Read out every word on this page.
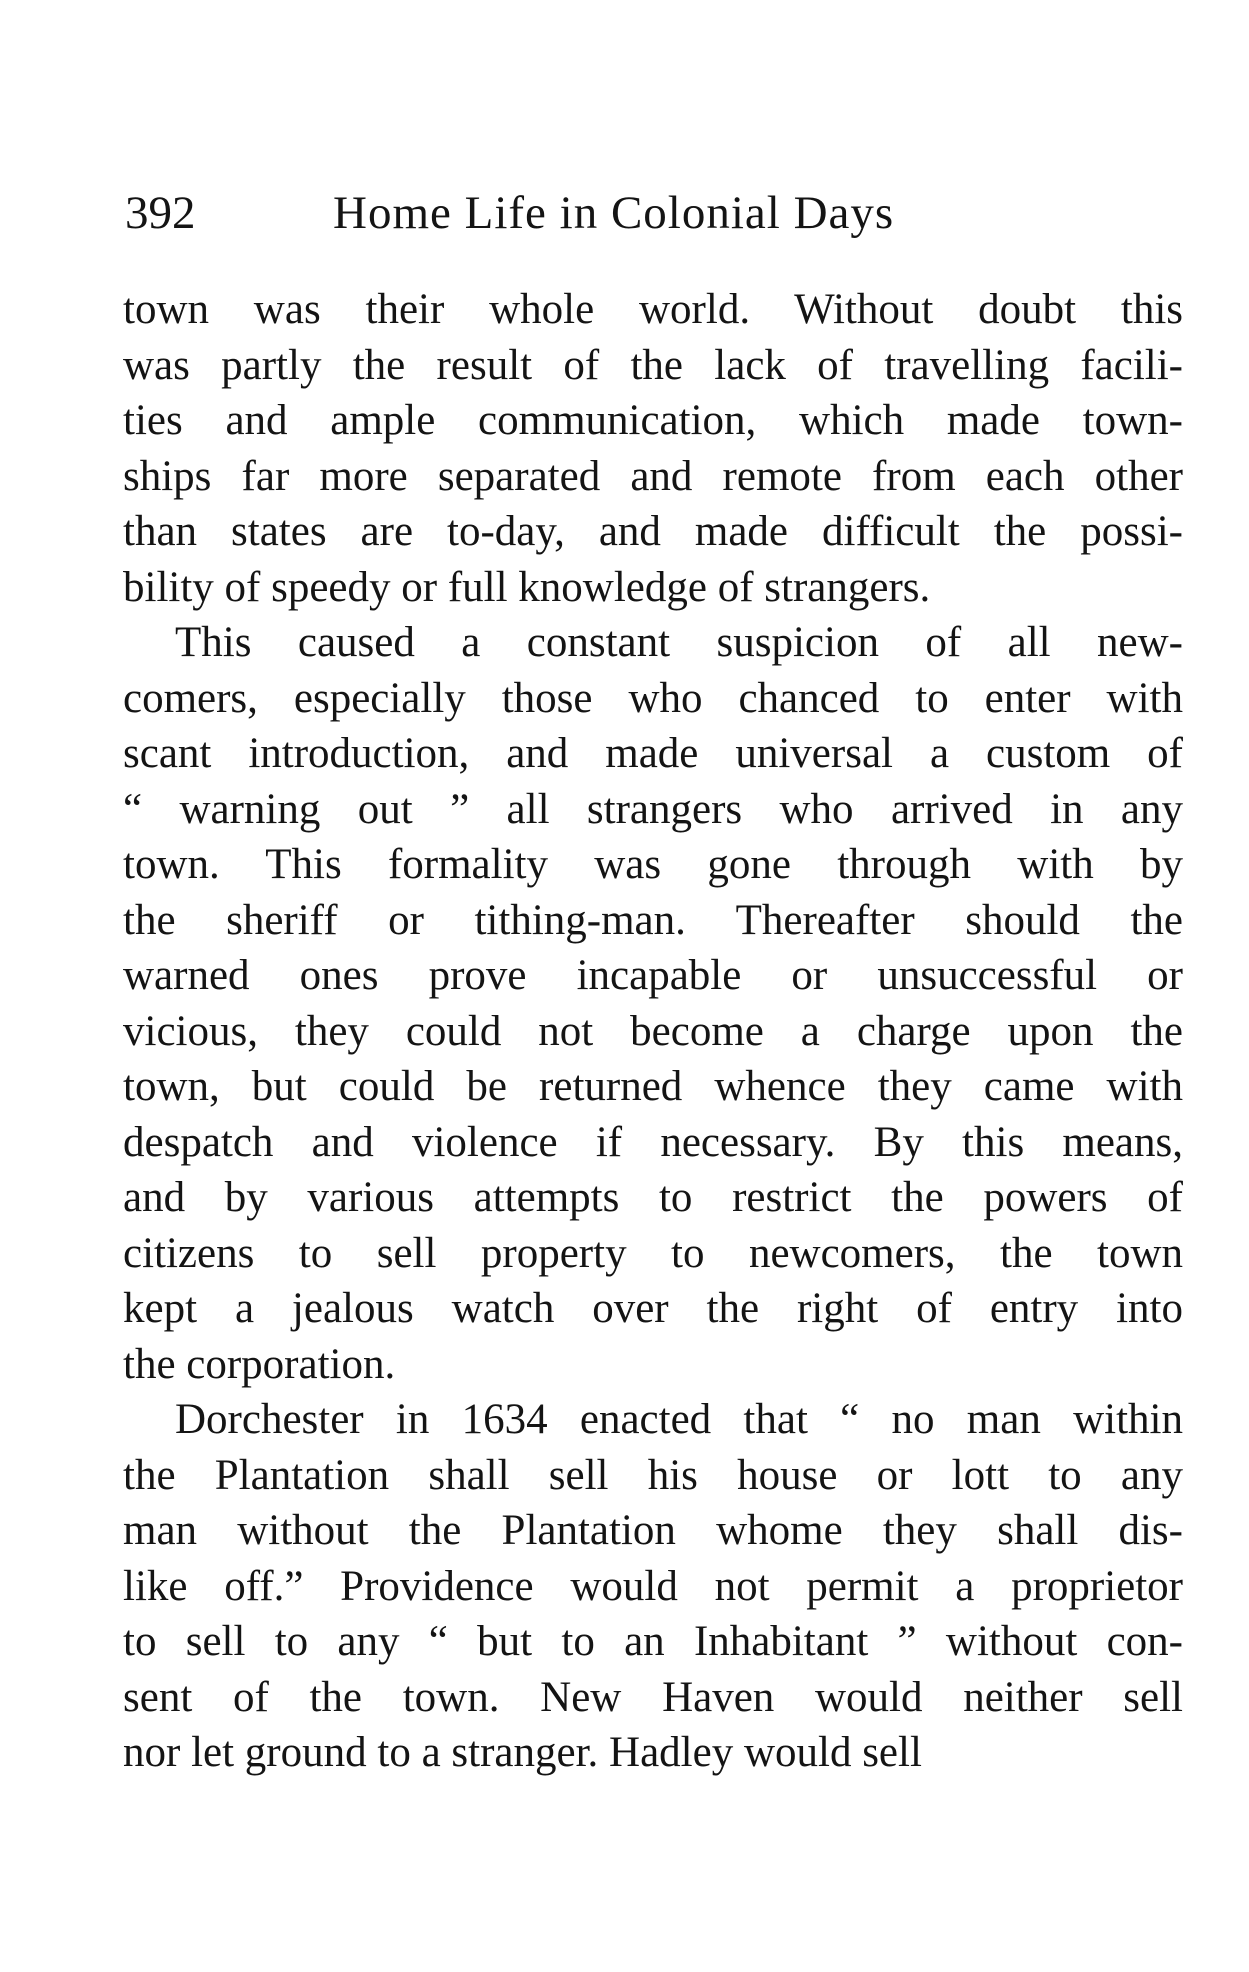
392	Home Life in Colonial Days
town was their whole world. Without doubt this
was partly the result of the lack of travelling facili-
ties and ample communication, which made town-
ships far more separated and remote from each other
than states are to-day, and made difficult the possi-
bility of speedy or full knowledge of strangers.
This caused a constant suspicion of all new-
comers, especially those who chanced to enter with
scant introduction, and made universal a custom of
“ warning out ” all strangers who arrived in any
town. This formality was gone through with by
the sheriff or tithing-man. Thereafter should the
warned ones prove incapable or unsuccessful or
vicious, they could not become a charge upon the
town, but could be returned whence they came with
despatch and violence if necessary. By this means,
and by various attempts to restrict the powers of
citizens to sell property to newcomers, the town
kept a jealous watch over the right of entry into
the corporation.
Dorchester in 1634 enacted that “ no man within
the Plantation shall sell his house or lott to any
man without the Plantation whome they shall dis-
like off.” Providence would not permit a proprietor
to sell to any “ but to an Inhabitant ” without con-
sent of the town. New Haven would neither sell
nor let ground to a stranger. Hadley would sell
